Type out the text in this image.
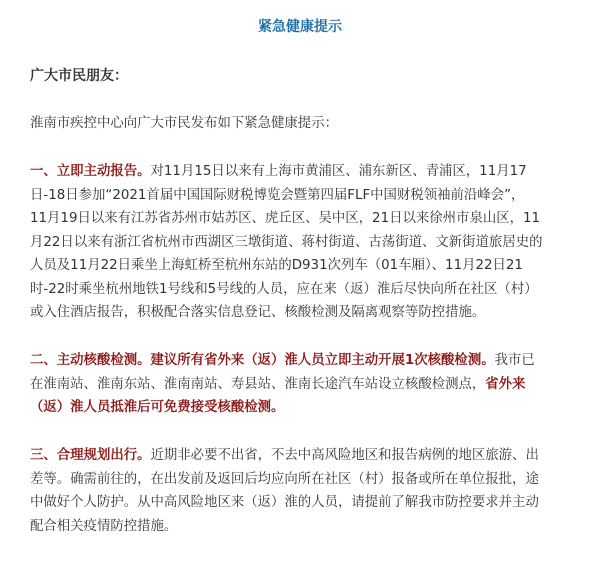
紧急健康提示

广大市民朋友：

淮南市疾控中心向广大市民发布如下紧急健康提示：

一、立即主动报告。对11月15日以来有上海市黄浦区、浦东新区、青浦区，11月17
日-18日参加“2021首届中国国际财税博览会暨第四届FLF中国财税领袖前沿峰会”，
11月19日以来有江苏省苏州市姑苏区、虎丘区、吴中区，21日以来徐州市泉山区，11
月22日以来有浙江省杭州市西湖区三墩街道、蒋村街道、古荡街道、文新街道旅居史的
人员及11月22日乘坐上海虹桥至杭州东站的D931次列车（01车厢）、11月22日21
时-22时乘坐杭州地铁1号线和5号线的人员，应在来（返）淮后尽快向所在社区（村）
或入住酒店报告，积极配合落实信息登记、核酸检测及隔离观察等防控措施。
二、主动核酸检测。建议所有省外来（返）淮人员立即主动开展1次核酸检测。我市已
在淮南站、淮南东站、淮南南站、寿县站、淮南长途汽车站设立核酸检测点，省外来
（返）淮人员抵淮后可免费接受核酸检测。
三、合理规划出行。近期非必要不出省，不去中高风险地区和报告病例的地区旅游、出
差等。确需前往的，在出发前及返回后均应向所在社区（村）报备或所在单位报批，途
中做好个人防护。从中高风险地区来（返）淮的人员，请提前了解我市防控要求并主动
配合相关疫情防控措施。
